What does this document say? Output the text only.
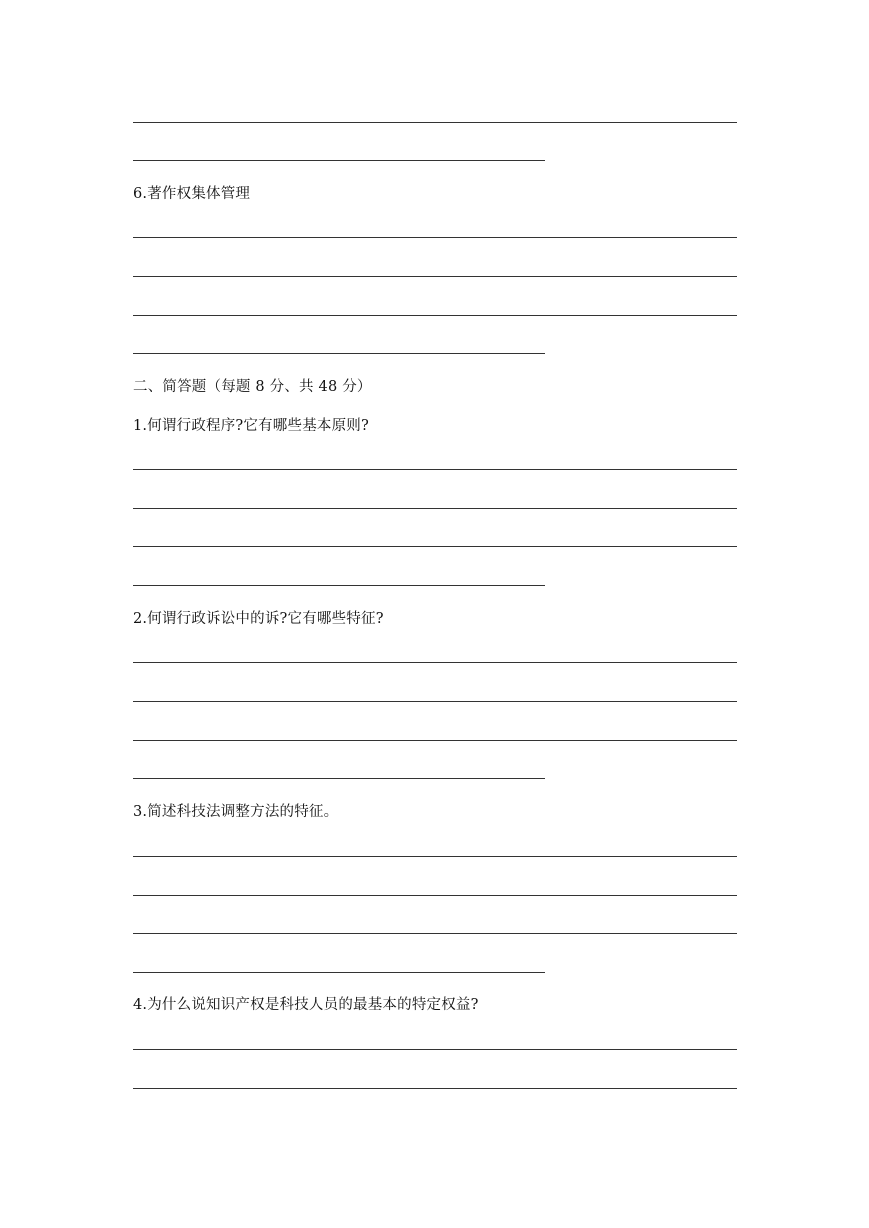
6.著作权集体管理
二、简答题（每题 8 分、共 48 分）
1.何谓行政程序?它有哪些基本原则?
2.何谓行政诉讼中的诉?它有哪些特征?
3.简述科技法调整方法的特征。
4.为什么说知识产权是科技人员的最基本的特定权益?
